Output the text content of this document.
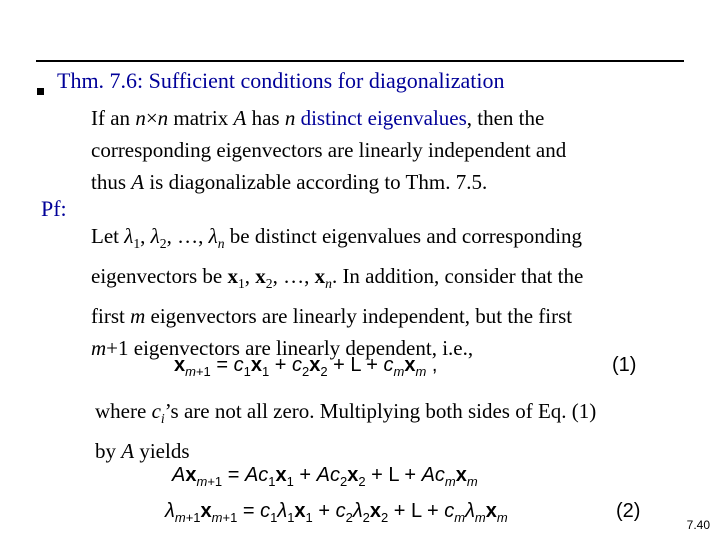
Thm. 7.6: Sufficient conditions for diagonalization
If an n×n matrix A has n distinct eigenvalues, then the
corresponding eigenvectors are linearly independent and
thus A is diagonalizable according to Thm. 7.5.
Pf:
Let $\lambda_1$, $\lambda_2$, …, $\lambda_n$ be distinct eigenvalues and corresponding
eigenvectors be $x_1$, $x_2$, …, $x_n$. In addition, consider that the
first m eigenvectors are linearly independent, but the first
m+1 eigenvectors are linearly dependent, i.e.,
$x_{m+1} = c_1x_1 + c_2x_2 + L + c_mx_m$ ,	(1)
where $c_i’s$ are not all zero. Multiplying both sides of Eq. (1)
by A yields
$Ax_{m+1} = Ac_1x_1 + Ac_2x_2 + L + Ac_mx_m$
$\lambda_{m+1}x_{m+1} = c_1\lambda_1x_1 + c_2\lambda_2x_2 + L + c_m\lambda_mx_m$	(2)
7.40
